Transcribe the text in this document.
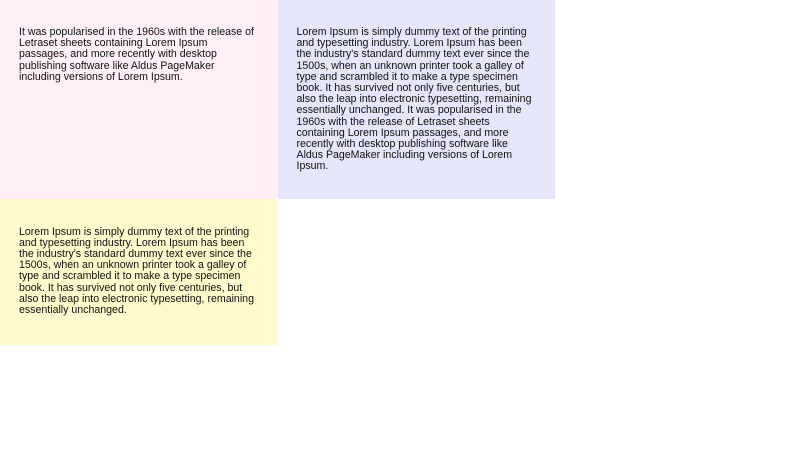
It was popularised in the 1960s with the release of Letraset sheets containing Lorem Ipsum passages, and more recently with desktop publishing software like Aldus PageMaker including versions of Lorem Ipsum.

Lorem Ipsum is simply dummy text of the printing and typesetting industry. Lorem Ipsum has been the industry's standard dummy text ever since the 1500s, when an unknown printer took a galley of type and scrambled it to make a type specimen book. It has survived not only five centuries, but also the leap into electronic typesetting, remaining essentially unchanged. It was popularised in the 1960s with the release of Letraset sheets containing Lorem Ipsum passages, and more recently with desktop publishing software like Aldus PageMaker including versions of Lorem Ipsum.

Lorem Ipsum is simply dummy text of the printing and typesetting industry. Lorem Ipsum has been the industry's standard dummy text ever since the 1500s, when an unknown printer took a galley of type and scrambled it to make a type specimen book. It has survived not only five centuries, but also the leap into electronic typesetting, remaining essentially unchanged.
